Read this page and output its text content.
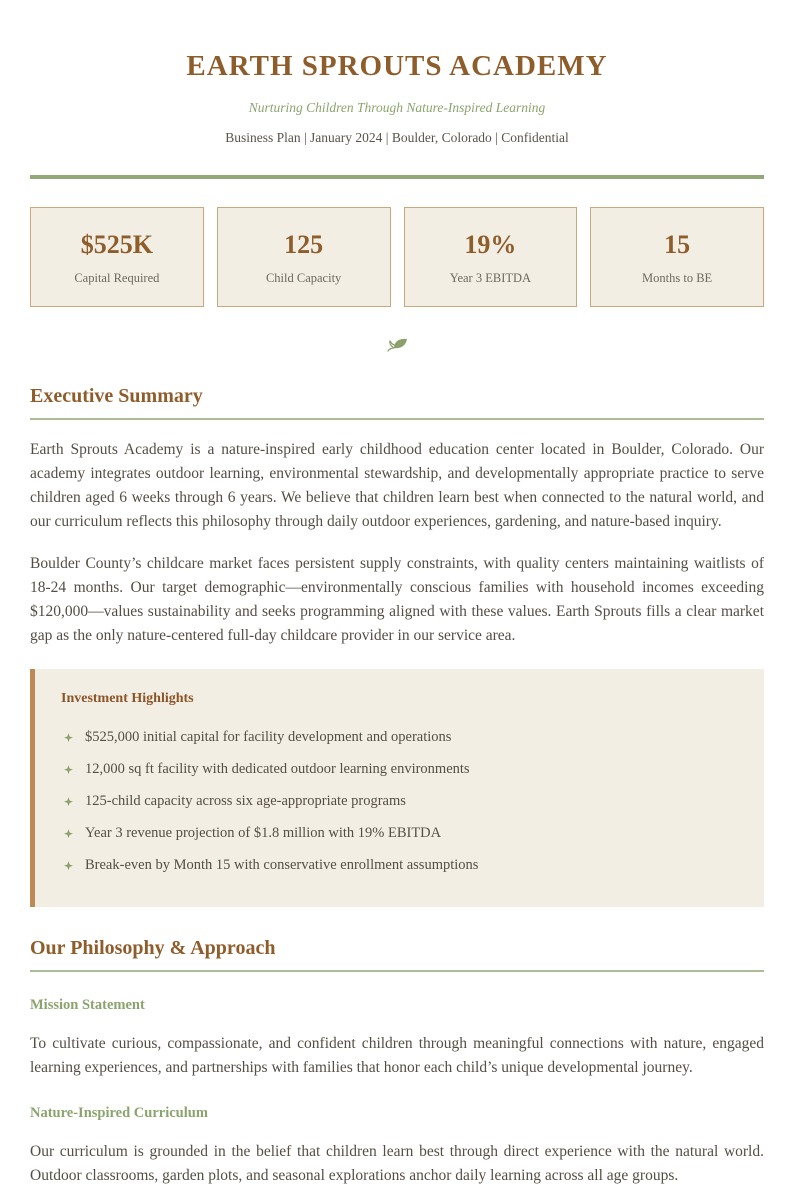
EARTH SPROUTS ACADEMY
Nurturing Children Through Nature-Inspired Learning
Business Plan | January 2024 | Boulder, Colorado | Confidential
$525K
Capital Required
125
Child Capacity
19%
Year 3 EBITDA
15
Months to BE
Executive Summary

Earth Sprouts Academy is a nature-inspired early childhood education center located in Boulder, Colorado. Our academy integrates outdoor learning, environmental stewardship, and developmentally appropriate practice to serve children aged 6 weeks through 6 years. We believe that children learn best when connected to the natural world, and our curriculum reflects this philosophy through daily outdoor experiences, gardening, and nature-based inquiry.

Boulder County’s childcare market faces persistent supply constraints, with quality centers maintaining waitlists of 18-24 months. Our target demographic—environmentally conscious families with household incomes exceeding $120,000—values sustainability and seeks programming aligned with these values. Earth Sprouts fills a clear market gap as the only nature-centered full-day childcare provider in our service area.

Investment Highlights
$525,000 initial capital for facility development and operations
12,000 sq ft facility with dedicated outdoor learning environments
125-child capacity across six age-appropriate programs
Year 3 revenue projection of $1.8 million with 19% EBITDA
Break-even by Month 15 with conservative enrollment assumptions
Our Philosophy & Approach
Mission Statement

To cultivate curious, compassionate, and confident children through meaningful connections with nature, engaged learning experiences, and partnerships with families that honor each child’s unique developmental journey.

Nature-Inspired Curriculum

Our curriculum is grounded in the belief that children learn best through direct experience with the natural world. Outdoor classrooms, garden plots, and seasonal explorations anchor daily learning across all age groups.
